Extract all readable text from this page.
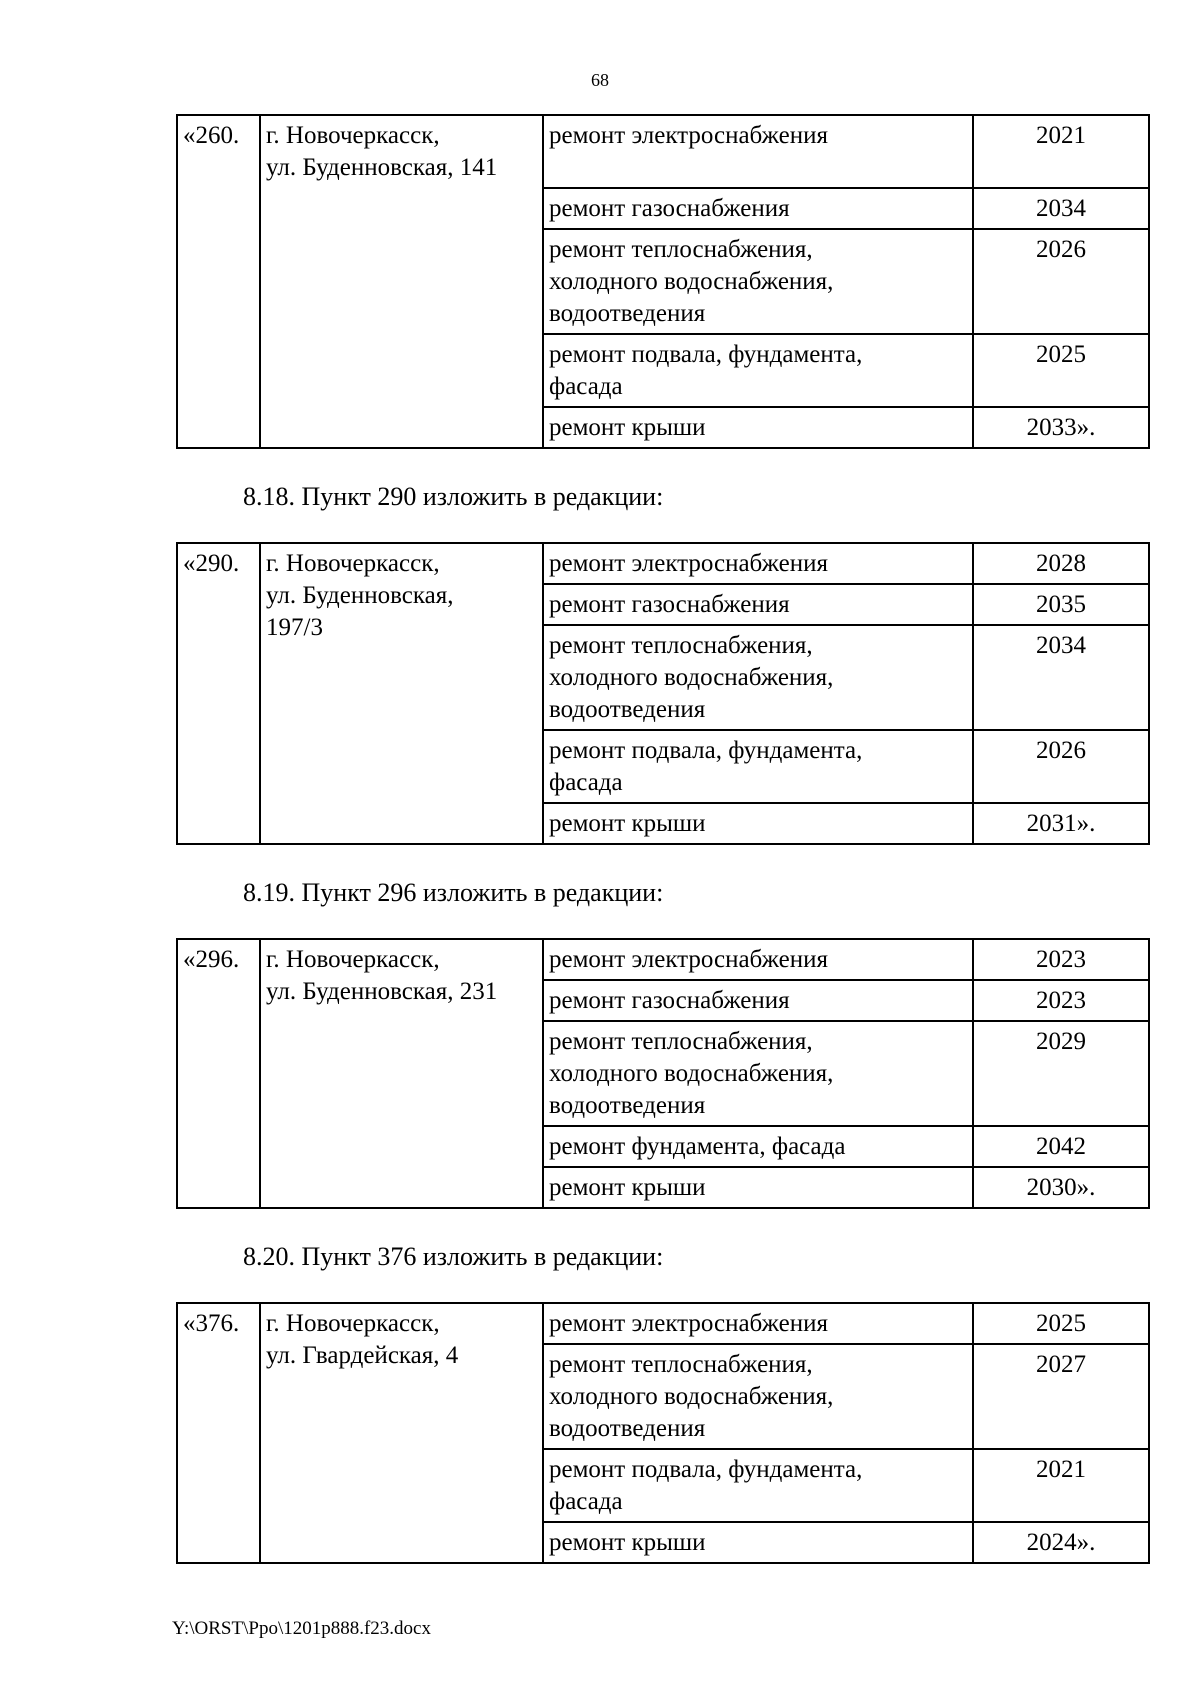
68
«260.	г. Новочеркасск,
ул. Буденновская, 141	ремонт электроснабжения	2021
		ремонт газоснабжения	2034
		ремонт теплоснабжения,
холодного водоснабжения,
водоотведения	2026
		ремонт подвала, фундамента,
фасада	2025
		ремонт крыши	2033».
8.18. Пункт 290 изложить в редакции:
«290.	г. Новочеркасск,
ул. Буденновская,
197/3	ремонт электроснабжения	2028
		ремонт газоснабжения	2035
		ремонт теплоснабжения,
холодного водоснабжения,
водоотведения	2034
		ремонт подвала, фундамента,
фасада	2026
		ремонт крыши	2031».
8.19. Пункт 296 изложить в редакции:
«296.	г. Новочеркасск,
ул. Буденновская, 231	ремонт электроснабжения	2023
		ремонт газоснабжения	2023
		ремонт теплоснабжения,
холодного водоснабжения,
водоотведения	2029
		ремонт фундамента, фасада	2042
		ремонт крыши	2030».
8.20. Пункт 376 изложить в редакции:
«376.	г. Новочеркасск,
ул. Гвардейская, 4	ремонт электроснабжения	2025
		ремонт теплоснабжения,
холодного водоснабжения,
водоотведения	2027
		ремонт подвала, фундамента,
фасада	2021
		ремонт крыши	2024».
Y:\ORST\Ppo\1201p888.f23.docx
